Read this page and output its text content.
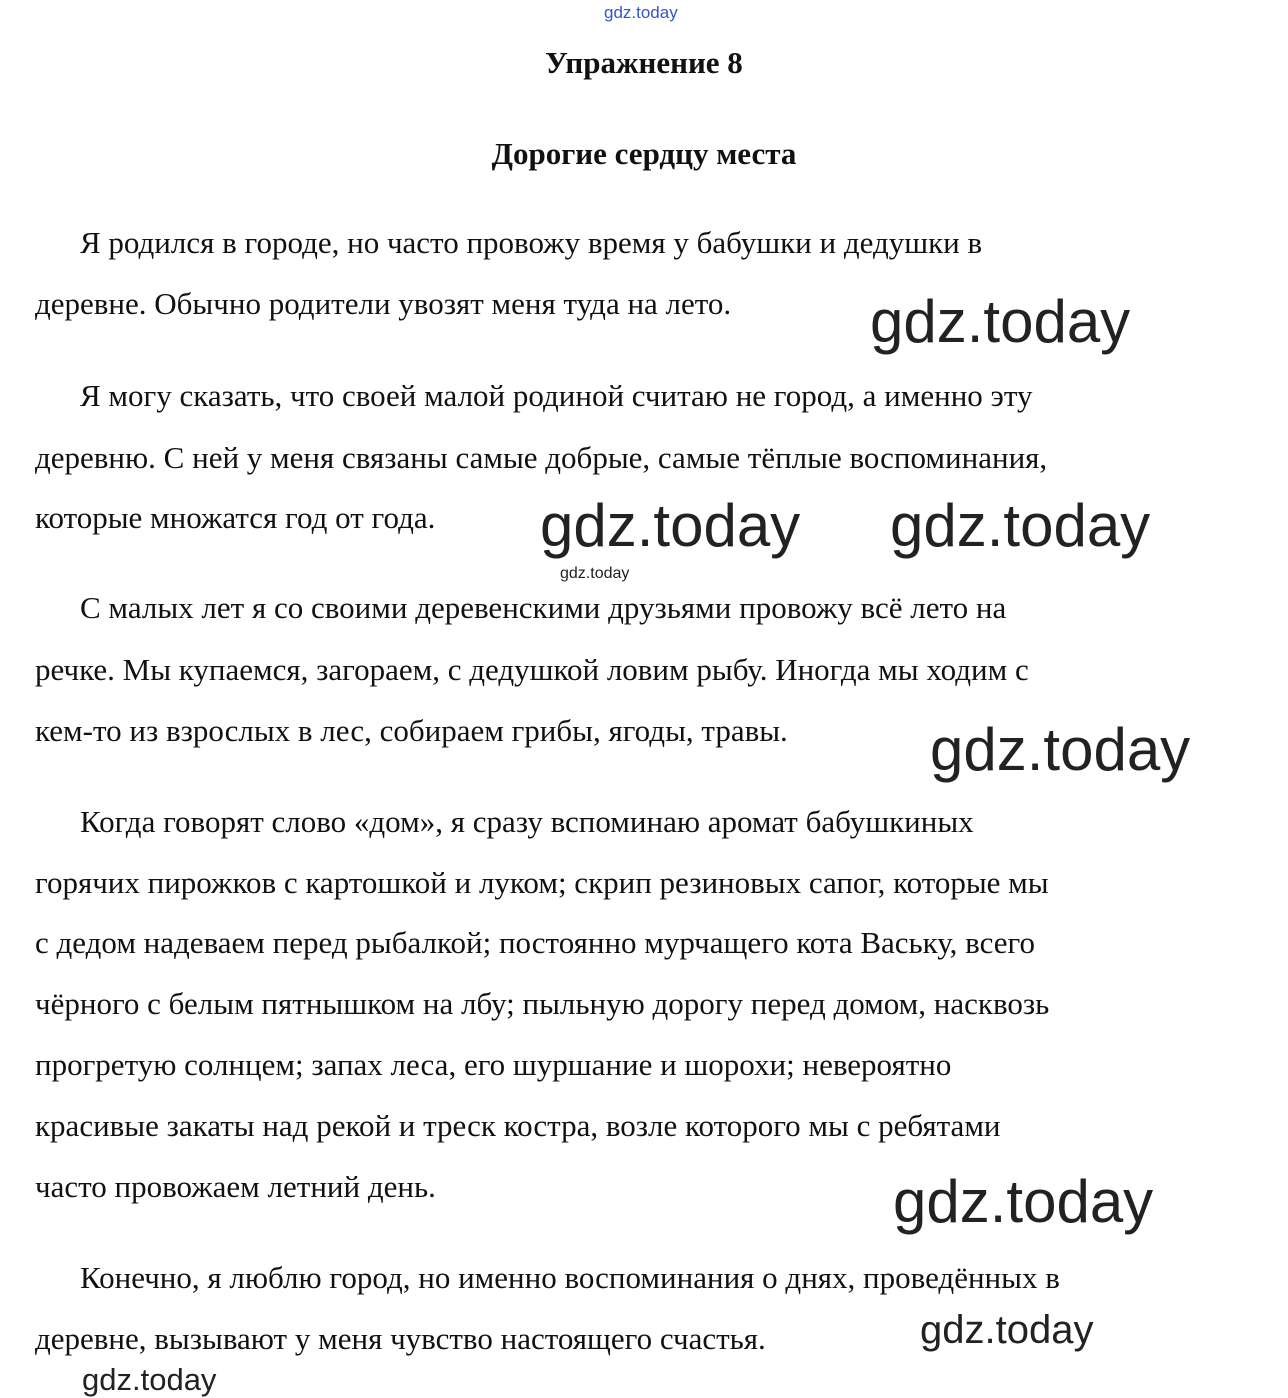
gdz.today
Упражнение 8
Дорогие сердцу места
Я родился в городе, но часто провожу время у бабушки и дедушки в
деревне. Обычно родители увозят меня туда на лето.
Я могу сказать, что своей малой родиной считаю не город, а именно эту
деревню. С ней у меня связаны самые добрые, самые тёплые воспоминания,
которые множатся год от года.
С малых лет я со своими деревенскими друзьями провожу всё лето на
речке. Мы купаемся, загораем, с дедушкой ловим рыбу. Иногда мы ходим с
кем-то из взрослых в лес, собираем грибы, ягоды, травы.
Когда говорят слово «дом», я сразу вспоминаю аромат бабушкиных
горячих пирожков с картошкой и луком; скрип резиновых сапог, которые мы
с дедом надеваем перед рыбалкой; постоянно мурчащего кота Ваську, всего
чёрного с белым пятнышком на лбу; пыльную дорогу перед домом, насквозь
прогретую солнцем; запах леса, его шуршание и шорохи; невероятно
красивые закаты над рекой и треск костра, возле которого мы с ребятами
часто провожаем летний день.
Конечно, я люблю город, но именно воспоминания о днях, проведённых в
деревне, вызывают у меня чувство настоящего счастья.
gdz.today
gdz.today gdz.today
gdz.today
gdz.today
gdz.today
gdz.today
gdz.today
